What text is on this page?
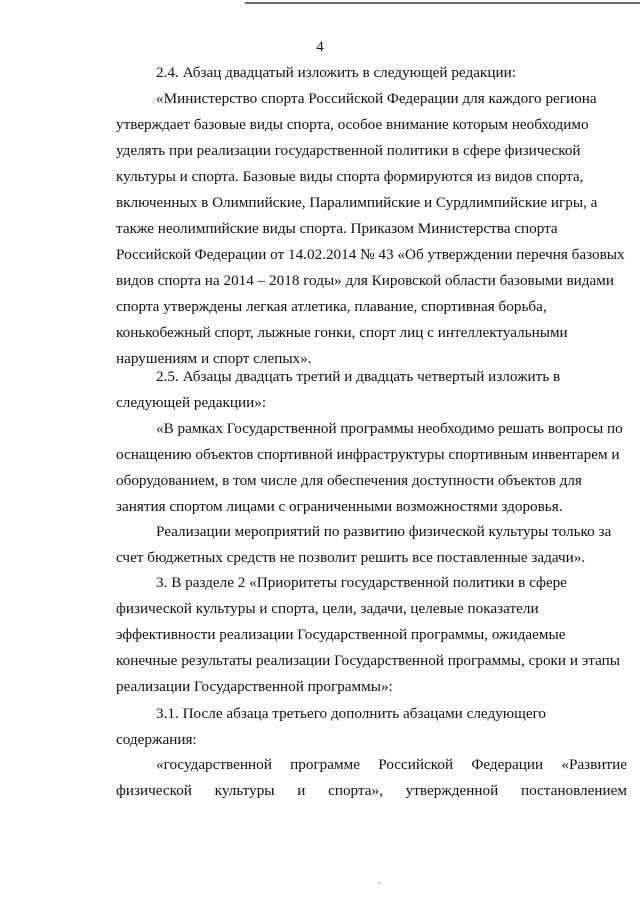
4

2.4. Абзац двадцатый изложить в следующей редакции:

«Министерство спорта Российской Федерации для каждого региона
утверждает базовые виды спорта, особое внимание которым необходимо
уделять при реализации государственной политики в сфере физической
культуры и спорта. Базовые виды спорта формируются из видов спорта,
включенных в Олимпийские, Паралимпийские и Сурдлимпийские игры, а
также неолимпийские виды спорта. Приказом Министерства спорта
Российской Федерации от 14.02.2014 № 43 «Об утверждении перечня базовых
видов спорта на 2014 – 2018 годы» для Кировской области базовыми видами
спорта утверждены легкая атлетика, плавание, спортивная борьба,
конькобежный спорт, лыжные гонки, спорт лиц с интеллектуальными
нарушениям и спорт слепых».

2.5. Абзацы двадцать третий и двадцать четвертый изложить в
следующей редакции»:

«В рамках Государственной программы необходимо решать вопросы по
оснащению объектов спортивной инфраструктуры спортивным инвентарем и
оборудованием, в том числе для обеспечения доступности объектов для
занятия спортом лицами с ограниченными возможностями здоровья.

Реализации мероприятий по развитию физической культуры только за
счет бюджетных средств не позволит решить все поставленные задачи».

3. В разделе 2 «Приоритеты государственной политики в сфере
физической культуры и спорта, цели, задачи, целевые показатели
эффективности реализации Государственной программы, ожидаемые
конечные результаты реализации Государственной программы, сроки и этапы
реализации Государственной программы»:

3.1. После абзаца третьего дополнить абзацами следующего
содержания:

«государственной программе Российской Федерации «Развитие
физической культуры и спорта», утвержденной постановлением
